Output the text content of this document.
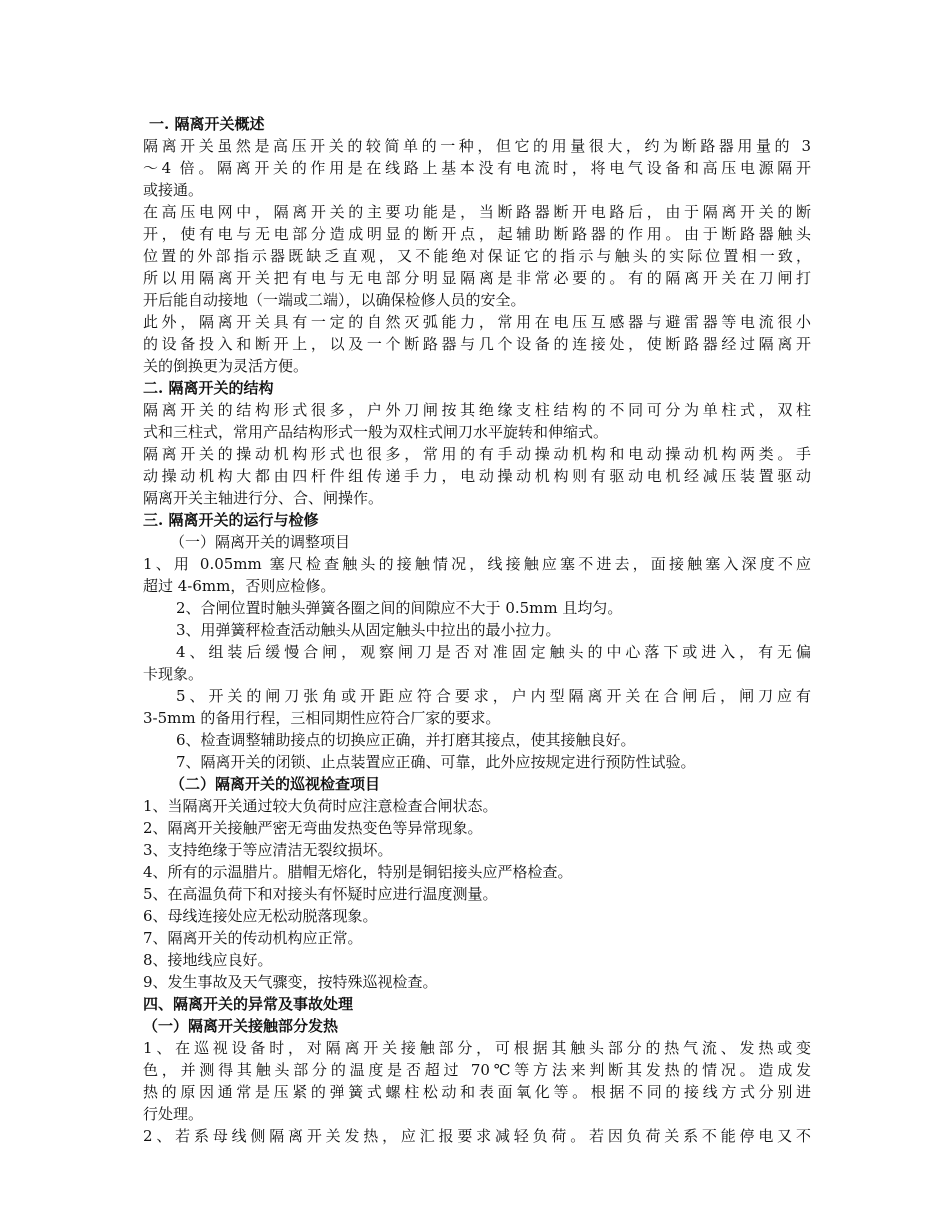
一. 隔离开关概述
隔离开关虽然是高压开关的较简单的一种，但它的用量很大，约为断路器用量的 3
～4 倍。隔离开关的作用是在线路上基本没有电流时，将电气设备和高压电源隔开
或接通。
在高压电网中，隔离开关的主要功能是，当断路器断开电路后，由于隔离开关的断
开，使有电与无电部分造成明显的断开点，起辅助断路器的作用。由于断路器触头
位置的外部指示器既缺乏直观，又不能绝对保证它的指示与触头的实际位置相一致，
所以用隔离开关把有电与无电部分明显隔离是非常必要的。有的隔离开关在刀闸打
开后能自动接地（一端或二端），以确保检修人员的安全。
此外，隔离开关具有一定的自然灭弧能力，常用在电压互感器与避雷器等电流很小
的设备投入和断开上，以及一个断路器与几个设备的连接处，使断路器经过隔离开
关的倒换更为灵活方便。
二. 隔离开关的结构
隔离开关的结构形式很多，户外刀闸按其绝缘支柱结构的不同可分为单柱式，双柱
式和三柱式，常用产品结构形式一般为双柱式闸刀水平旋转和伸缩式。
隔离开关的操动机构形式也很多，常用的有手动操动机构和电动操动机构两类。手
动操动机构大都由四杆件组传递手力，电动操动机构则有驱动电机经减压装置驱动
隔离开关主轴进行分、合、闸操作。
三. 隔离开关的运行与检修
（一）隔离开关的调整项目
1、用 0.05mm 塞尺检查触头的接触情况，线接触应塞不进去，面接触塞入深度不应
超过 4-6mm，否则应检修。
2、合闸位置时触头弹簧各圈之间的间隙应不大于 0.5mm 且均匀。
3、用弹簧秤检查活动触头从固定触头中拉出的最小拉力。
4、组装后缓慢合闸，观察闸刀是否对准固定触头的中心落下或进入，有无偏
卡现象。
5、开关的闸刀张角或开距应符合要求，户内型隔离开关在合闸后，闸刀应有
3-5mm 的备用行程，三相同期性应符合厂家的要求。
6、检查调整辅助接点的切换应正确，并打磨其接点，使其接触良好。
7、隔离开关的闭锁、止点装置应正确、可靠，此外应按规定进行预防性试验。
（二）隔离开关的巡视检查项目
1、当隔离开关通过较大负荷时应注意检查合闸状态。
2、隔离开关接触严密无弯曲发热变色等异常现象。
3、支持绝缘于等应清洁无裂纹损坏。
4、所有的示温腊片。腊帽无熔化，特别是铜铝接头应严格检查。
5、在高温负荷下和对接头有怀疑时应进行温度测量。
6、母线连接处应无松动脱落现象。
7、隔离开关的传动机构应正常。
8、接地线应良好。
9、发生事故及天气骤变，按特殊巡视检查。
四、隔离开关的异常及事故处理
（一）隔离开关接触部分发热
1、在巡视设备时，对隔离开关接触部分，可根据其触头部分的热气流、发热或变
色，并测得其触头部分的温度是否超过 70℃等方法来判断其发热的情况。造成发
热的原因通常是压紧的弹簧式螺柱松动和表面氧化等。根据不同的接线方式分别进
行处理。
2、若系母线侧隔离开关发热，应汇报要求减轻负荷。若因负荷关系不能停电又不
